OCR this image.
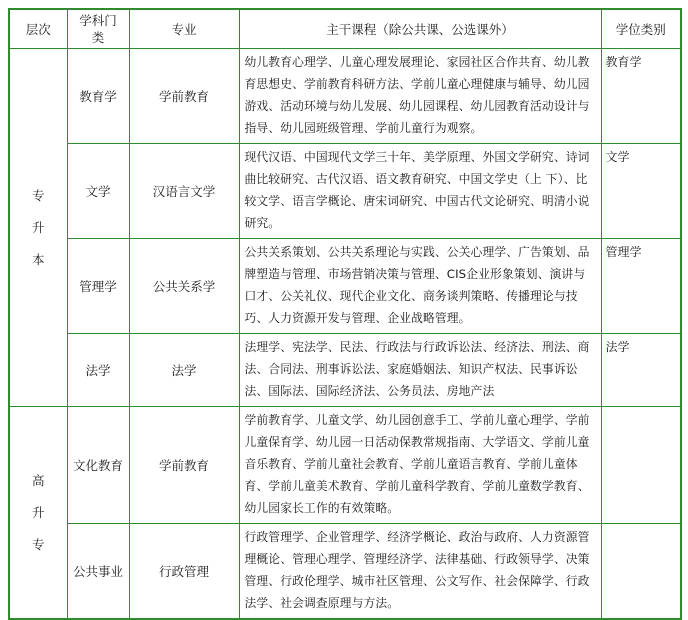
层次	学科门类	专业	主干课程（除公共课、公选课外）	学位类别

专
升
本	教育学	学前教育	幼儿教育心理学、儿童心理发展理论、家园社区合作共育、幼儿教育思想史、学前教育科研方法、学前儿童心理健康与辅导、幼儿园游戏、活动环境与幼儿发展、幼儿园课程、幼儿园教育活动设计与指导、幼儿园班级管理、学前儿童行为观察。	教育学
	文学	汉语言文学	现代汉语、中国现代文学三十年、美学原理、外国文学研究、诗词曲比较研究、古代汉语、语文教育研究、中国文学史（上 下）、比较文学、语言学概论、唐宋词研究、中国古代文论研究、明清小说研究。	文学
	管理学	公共关系学	公共关系策划、公共关系理论与实践、公关心理学、广告策划、品牌塑造与管理、市场营销决策与管理、CIS企业形象策划、演讲与口才、公关礼仪、现代企业文化、商务谈判策略、传播理论与技巧、人力资源开发与管理、企业战略管理。	管理学
	法学	法学	法理学、宪法学、民法、行政法与行政诉讼法、经济法、刑法、商法、合同法、刑事诉讼法、家庭婚姻法、知识产权法、民事诉讼法、国际法、国际经济法、公务员法、房地产法	法学

高
升
专	文化教育	学前教育	学前教育学、儿童文学、幼儿园创意手工、学前儿童心理学、学前儿童保育学、幼儿园一日活动保教常规指南、大学语文、学前儿童音乐教育、学前儿童社会教育、学前儿童语言教育、学前儿童体育、学前儿童美术教育、学前儿童科学教育、学前儿童数学教育、幼儿园家长工作的有效策略。	
	公共事业	行政管理	行政管理学、企业管理学、经济学概论、政治与政府、人力资源管理概论、管理心理学、管理经济学、法律基础、行政领导学、决策管理、行政伦理学、城市社区管理、公文写作、社会保障学、行政法学、社会调查原理与方法。	
